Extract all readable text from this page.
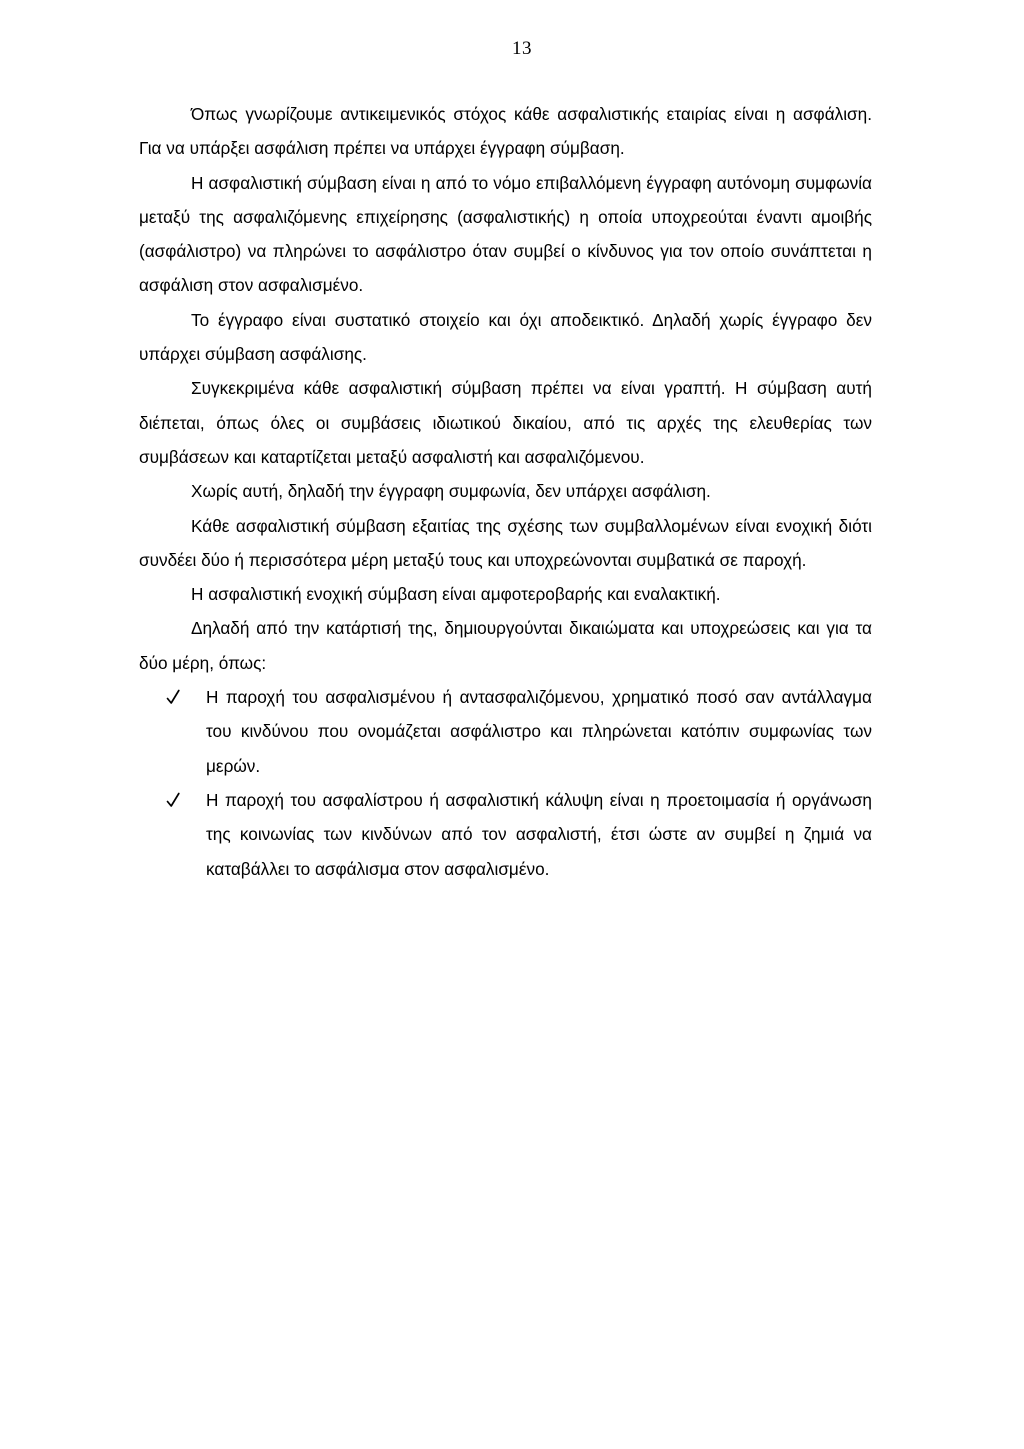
13

Όπως γνωρίζουμε αντικειμενικός στόχος κάθε ασφαλιστικής εταιρίας είναι η ασφάλιση. Για να υπάρξει ασφάλιση πρέπει να υπάρχει έγγραφη σύμβαση.

Η ασφαλιστική σύμβαση είναι η από το νόμο επιβαλλόμενη έγγραφη αυτόνομη συμφωνία μεταξύ της ασφαλιζόμενης επιχείρησης (ασφαλιστικής) η οποία υποχρεούται έναντι αμοιβής (ασφάλιστρο) να πληρώνει το ασφάλιστρο όταν συμβεί ο κίνδυνος για τον οποίο συνάπτεται η ασφάλιση στον ασφαλισμένο.

Το έγγραφο είναι συστατικό στοιχείο και όχι αποδεικτικό. Δηλαδή χωρίς έγγραφο δεν υπάρχει σύμβαση ασφάλισης.

Συγκεκριμένα κάθε ασφαλιστική σύμβαση πρέπει να είναι γραπτή. Η σύμβαση αυτή διέπεται, όπως όλες οι συμβάσεις ιδιωτικού δικαίου, από τις αρχές της ελευθερίας των συμβάσεων και καταρτίζεται μεταξύ ασφαλιστή και ασφαλιζόμενου.

Χωρίς αυτή, δηλαδή την έγγραφη συμφωνία, δεν υπάρχει ασφάλιση.

Κάθε ασφαλιστική σύμβαση εξαιτίας της σχέσης των συμβαλλομένων είναι ενοχική διότι συνδέει δύο ή περισσότερα μέρη μεταξύ τους και υποχρεώνονται συμβατικά σε παροχή.

Η ασφαλιστική ενοχική σύμβαση είναι αμφοτεροβαρής και εναλακτική.

Δηλαδή από την κατάρτισή της, δημιουργούνται δικαιώματα και υποχρεώσεις και για τα δύο μέρη, όπως:

Η παροχή του ασφαλισμένου ή αντασφαλιζόμενου, χρηματικό ποσό σαν αντάλλαγμα του κινδύνου που ονομάζεται ασφάλιστρο και πληρώνεται κατόπιν συμφωνίας των μερών.
Η παροχή του ασφαλίστρου ή ασφαλιστική κάλυψη είναι η προετοιμασία ή οργάνωση της κοινωνίας των κινδύνων από τον ασφαλιστή, έτσι ώστε αν συμβεί η ζημιά να καταβάλλει το ασφάλισμα στον ασφαλισμένο.
